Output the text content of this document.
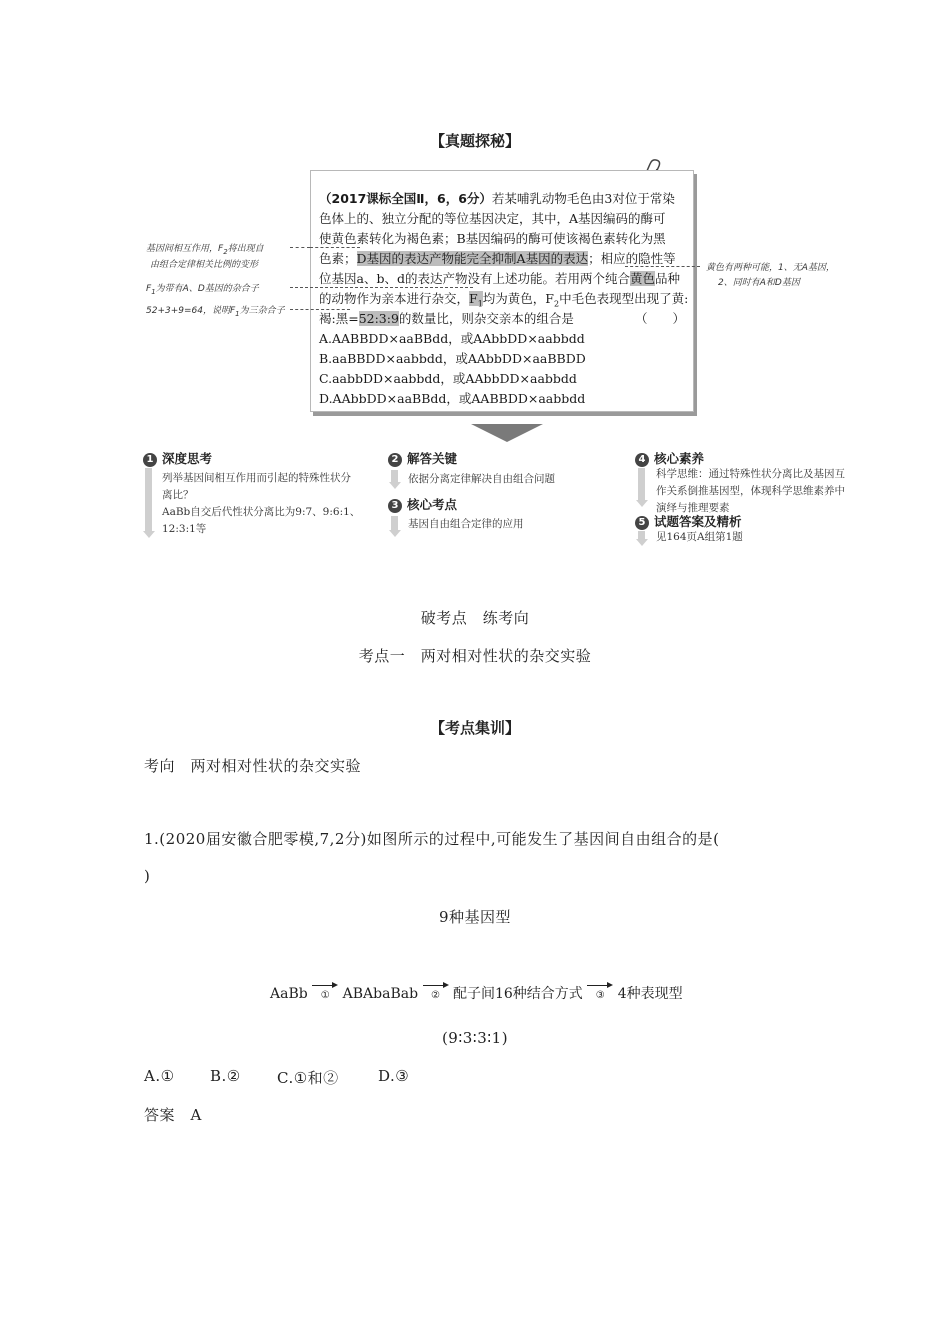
【真题探秘】
（2017课标全国Ⅱ，6，6分）若某哺乳动物毛色由3对位于常染
色体上的、独立分配的等位基因决定，其中，A基因编码的酶可
使黄色素转化为褐色素；B基因编码的酶可使该褐色素转化为黑
色素；D基因的表达产物能完全抑制A基因的表达；相应的隐性等
位基因a、b、d的表达产物没有上述功能。若用两个纯合黄色品种
的动物作为亲本进行杂交，$F_1$均为黄色，$F_2$中毛色表现型出现了黄:
褐:黑=52:3:9的数量比，则杂交亲本的组合是	（　　）
A.AABBDD×aaBBdd，或AAbbDD×aabbdd
B.aaBBDD×aabbdd，或AAbbDD×aaBBDD
C.aabbDD×aabbdd，或AAbbDD×aabbdd
D.AAbbDD×aaBBdd，或AABBDD×aabbdd
基因间相互作用，$F_2$将出现自
由组合定律相关比例的变形
$F_1$为带有A、D基因的杂合子
52+3+9=64，说明$F_1$为三杂合子
黄色有两种可能，1、无A基因，
2、同时有A和D基因
1 深度思考
列举基因间相互作用而引起的特殊性状分
离比？
AaBb自交后代性状分离比为9:7、9:6:1、
12:3:1等
2 解答关键
依据分离定律解决自由组合问题
3 核心考点
基因自由组合定律的应用
4 核心素养
科学思维：通过特殊性状分离比及基因互
作关系倒推基因型，体现科学思维素养中
演绎与推理要素
5 试题答案及精析
见164页A组第1题
破考点　练考向
考点一　两对相对性状的杂交实验
【考点集训】
考向　两对相对性状的杂交实验
1.(2020届安徽合肥零模,7,2分)如图所示的过程中,可能发生了基因间自由组合的是(
)
9种基因型
AaBb ① ABAbaBab ② 配子间16种结合方式 ③ 4种表现型
(9∶3∶3∶1)
A.① B.② C.①和②	D.③
答案　A
